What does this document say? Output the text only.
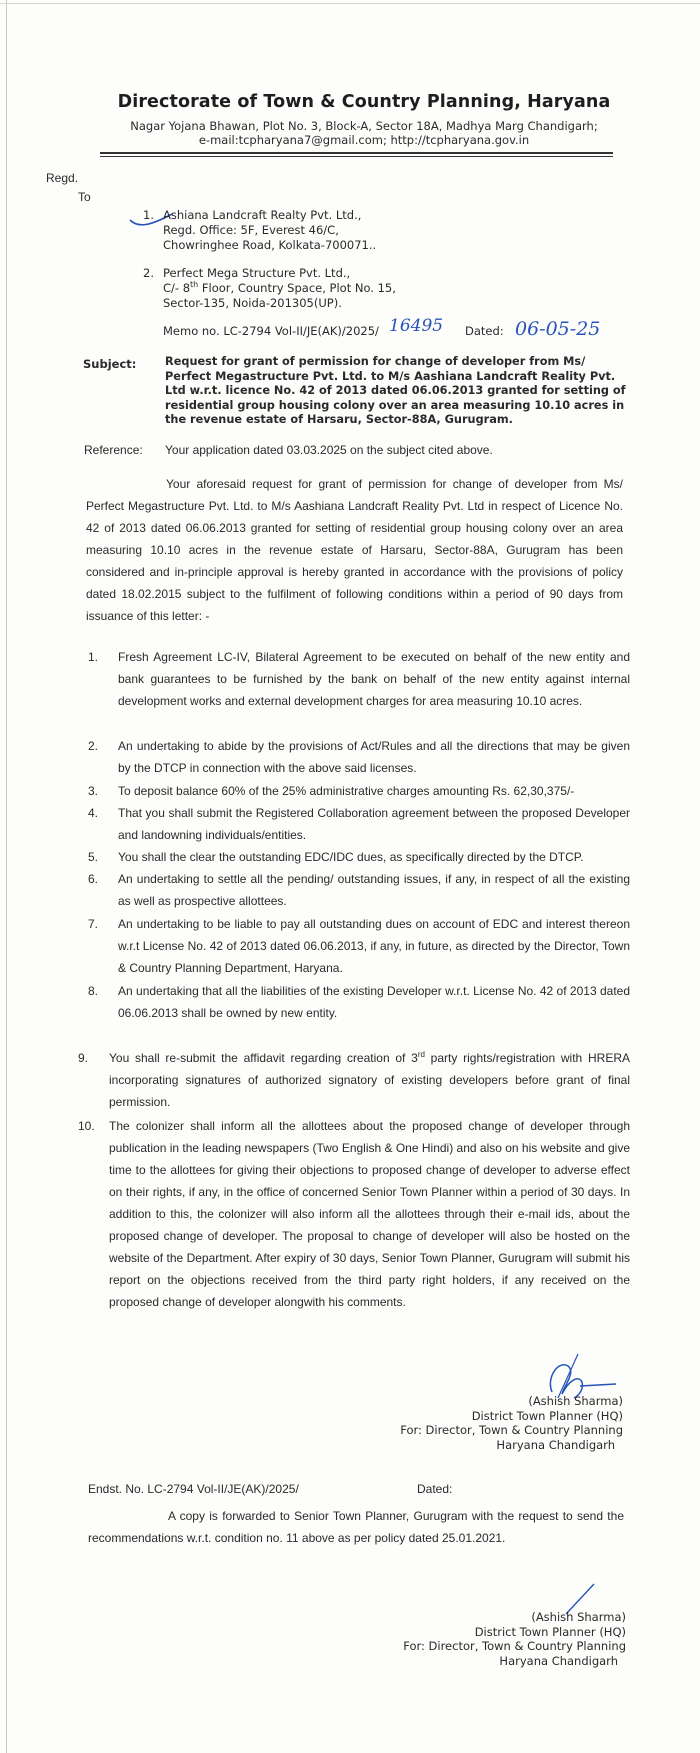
Directorate of Town & Country Planning, Haryana
Nagar Yojana Bhawan, Plot No. 3, Block-A, Sector 18A, Madhya Marg Chandigarh;
e-mail:tcpharyana7@gmail.com; http://tcpharyana.gov.in
Regd.
To
1. Ashiana Landcraft Realty Pvt. Ltd.,
Regd. Office: 5F, Everest 46/C,
Chowringhee Road, Kolkata-700071..
2. Perfect Mega Structure Pvt. Ltd.,
C/- 8th Floor, Country Space, Plot No. 15,
Sector-135, Noida-201305(UP).
Memo no. LC-2794 Vol-II/JE(AK)/2025/ 16495 Dated: 06-05-25
Subject:	Request for grant of permission for change of developer from Ms/ Perfect Megastructure Pvt. Ltd. to M/s Aashiana Landcraft Reality Pvt. Ltd w.r.t. licence No. 42 of 2013 dated 06.06.2013 granted for setting of residential group housing colony over an area measuring 10.10 acres in the revenue estate of Harsaru, Sector-88A, Gurugram.
Reference: Your application dated 03.03.2025 on the subject cited above.
Your aforesaid request for grant of permission for change of developer from Ms/ Perfect Megastructure Pvt. Ltd. to M/s Aashiana Landcraft Reality Pvt. Ltd in respect of Licence No. 42 of 2013 dated 06.06.2013 granted for setting of residential group housing colony over an area measuring 10.10 acres in the revenue estate of Harsaru, Sector-88A, Gurugram has been considered and in-principle approval is hereby granted in accordance with the provisions of policy dated 18.02.2015 subject to the fulfilment of following conditions within a period of 90 days from issuance of this letter: -
1. Fresh Agreement LC-IV, Bilateral Agreement to be executed on behalf of the new entity and bank guarantees to be furnished by the bank on behalf of the new entity against internal development works and external development charges for area measuring 10.10 acres.
2. An undertaking to abide by the provisions of Act/Rules and all the directions that may be given by the DTCP in connection with the above said licenses.
3. To deposit balance 60% of the 25% administrative charges amounting Rs. 62,30,375/-
4. That you shall submit the Registered Collaboration agreement between the proposed Developer and landowning individuals/entities.
5. You shall the clear the outstanding EDC/IDC dues, as specifically directed by the DTCP.
6. An undertaking to settle all the pending/ outstanding issues, if any, in respect of all the existing as well as prospective allottees.
7. An undertaking to be liable to pay all outstanding dues on account of EDC and interest thereon w.r.t License No. 42 of 2013 dated 06.06.2013, if any, in future, as directed by the Director, Town & Country Planning Department, Haryana.
8. An undertaking that all the liabilities of the existing Developer w.r.t. License No. 42 of 2013 dated 06.06.2013 shall be owned by new entity.
9. You shall re-submit the affidavit regarding creation of 3rd party rights/registration with HRERA incorporating signatures of authorized signatory of existing developers before grant of final permission.
10. The colonizer shall inform all the allottees about the proposed change of developer through publication in the leading newspapers (Two English & One Hindi) and also on his website and give time to the allottees for giving their objections to proposed change of developer to adverse effect on their rights, if any, in the office of concerned Senior Town Planner within a period of 30 days. In addition to this, the colonizer will also inform all the allottees through their e-mail ids, about the proposed change of developer. The proposal to change of developer will also be hosted on the website of the Department. After expiry of 30 days, Senior Town Planner, Gurugram will submit his report on the objections received from the third party right holders, if any received on the proposed change of developer alongwith his comments.
(Ashish Sharma)
District Town Planner (HQ)
For: Director, Town & Country Planning
Haryana Chandigarh
Endst. No. LC-2794 Vol-II/JE(AK)/2025/	Dated:
A copy is forwarded to Senior Town Planner, Gurugram with the request to send the recommendations w.r.t. condition no. 11 above as per policy dated 25.01.2021.
(Ashish Sharma)
District Town Planner (HQ)
For: Director, Town & Country Planning
Haryana Chandigarh
